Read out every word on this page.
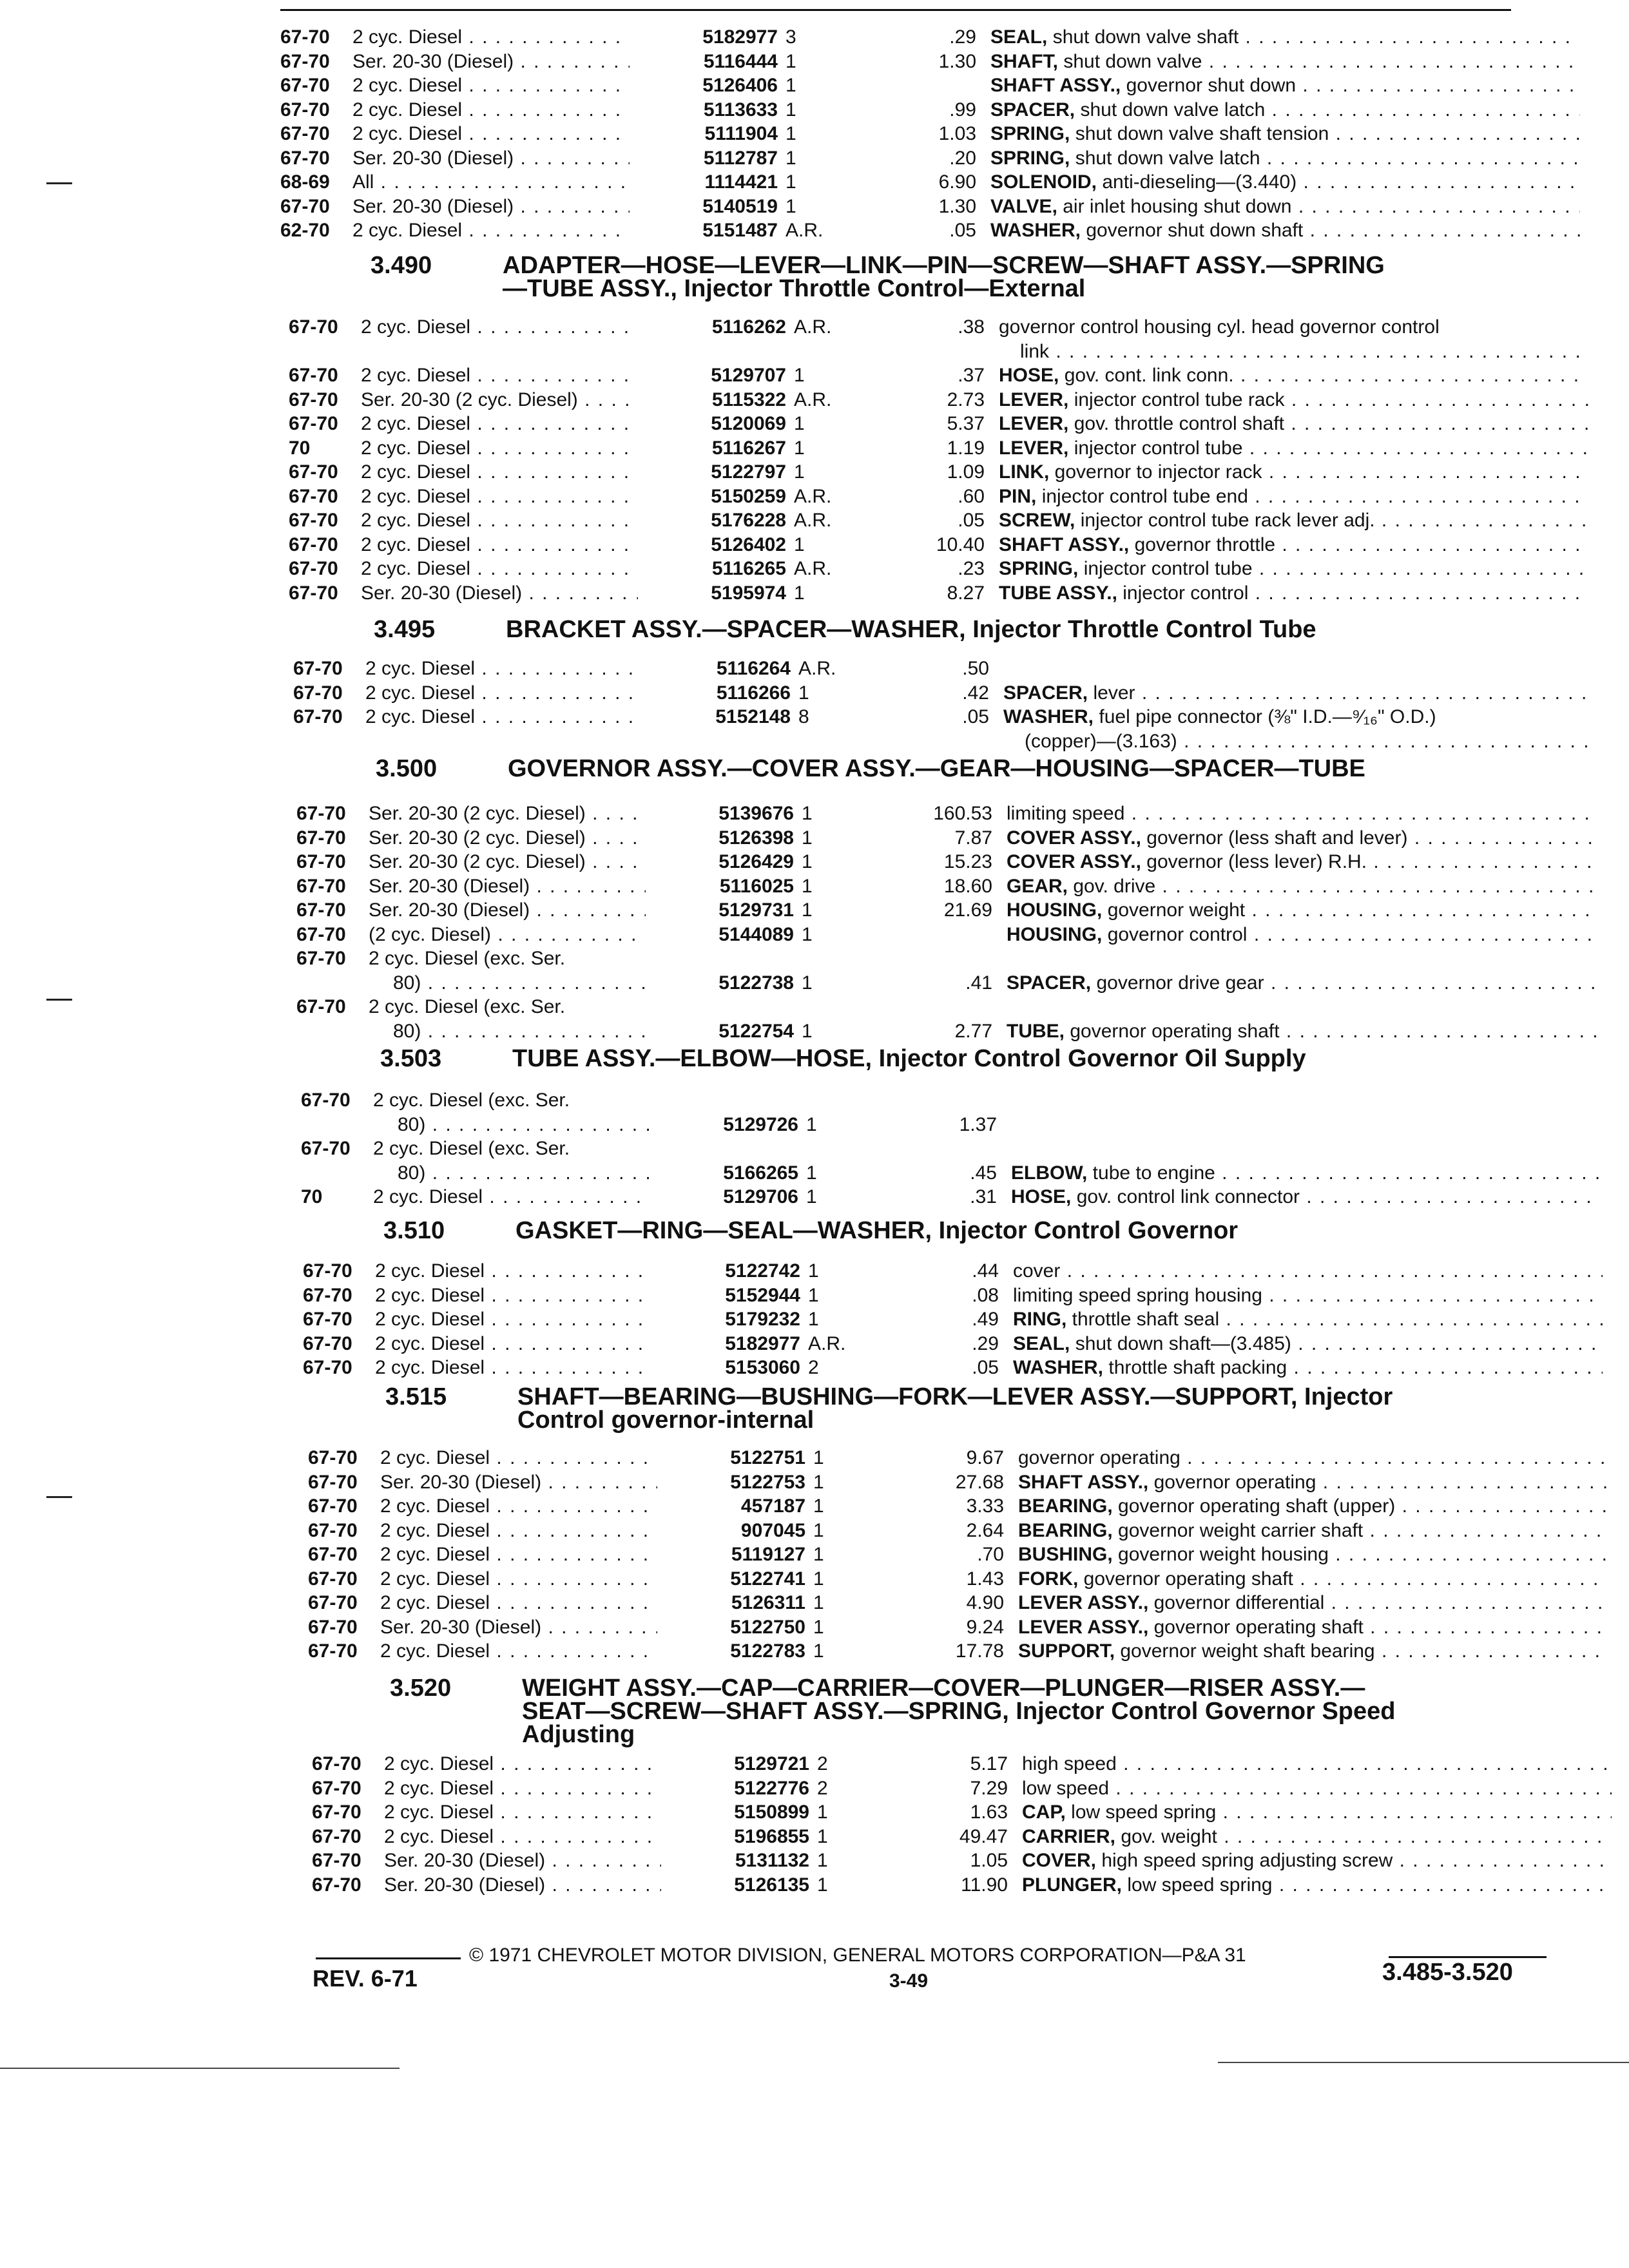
67-70 2 cyc. Diesel . . .	5182977 3	.29 SEAL, shut down valve shaft . . .
67-70 Ser. 20-30 (Diesel) . . .	5116444 1	1.30 SHAFT, shut down valve . . .
67-70 2 cyc. Diesel . . .	5126406 1	SHAFT ASSY., governor shut down . . .
67-70 2 cyc. Diesel . . .	5113633 1	.99 SPACER, shut down valve latch . . .
67-70 2 cyc. Diesel . . .	5111904 1	1.03 SPRING, shut down valve shaft tension . . .
67-70 Ser. 20-30 (Diesel) . . .	5112787 1	.20 SPRING, shut down valve latch . . .
68-69 All . . .	1114421 1	6.90 SOLENOID, anti-dieseling—(3.440) . . .
67-70 Ser. 20-30 (Diesel) . . .	5140519 1	1.30 VALVE, air inlet housing shut down . . .
62-70 2 cyc. Diesel . . .	5151487 A.R.	.05 WASHER, governor shut down shaft . . .
3.490	ADAPTER—HOSE—LEVER—LINK—PIN—SCREW—SHAFT ASSY.—SPRING
—TUBE ASSY., Injector Throttle Control—External
67-70 2 cyc. Diesel . . .	5116262 A.R.	.38 governor control housing cyl. head governor control
link . . .
67-70 2 cyc. Diesel . . .	5129707 1	.37 HOSE, gov. cont. link conn. . . .
67-70 Ser. 20-30 (2 cyc. Diesel) . . .	5115322 A.R.	2.73 LEVER, injector control tube rack . . .
67-70 2 cyc. Diesel . . .	5120069 1	5.37 LEVER, gov. throttle control shaft . . .
70	2 cyc. Diesel . . .	5116267 1	1.19 LEVER, injector control tube . . .
67-70 2 cyc. Diesel . . .	5122797 1	1.09 LINK, governor to injector rack . . .
67-70 2 cyc. Diesel . . .	5150259 A.R.	.60 PIN, injector control tube end . . .
67-70 2 cyc. Diesel . . .	5176228 A.R.	.05 SCREW, injector control tube rack lever adj. . . .
67-70 2 cyc. Diesel . . .	5126402 1	10.40 SHAFT ASSY., governor throttle . . .
67-70 2 cyc. Diesel . . .	5116265 A.R.	.23 SPRING, injector control tube . . .
67-70 Ser. 20-30 (Diesel) . . .	5195974 1	8.27 TUBE ASSY., injector control . . .
3.495	BRACKET ASSY.—SPACER—WASHER, Injector Throttle Control Tube
67-70 2 cyc. Diesel . . .	5116264 A.R.	.50
67-70 2 cyc. Diesel . . .	5116266 1	.42 SPACER, lever . . .
67-70 2 cyc. Diesel . . .	5152148 8	.05 WASHER, fuel pipe connector (⅜" I.D.—⁹⁄₁₆" O.D.)
(copper)—(3.163) . . .
3.500	GOVERNOR ASSY.—COVER ASSY.—GEAR—HOUSING—SPACER—TUBE
67-70 Ser. 20-30 (2 cyc. Diesel) . . .	5139676 1	160.53 limiting speed . . .
67-70 Ser. 20-30 (2 cyc. Diesel) . . .	5126398 1	7.87 COVER ASSY., governor (less shaft and lever) . . .
67-70 Ser. 20-30 (2 cyc. Diesel) . . .	5126429 1	15.23 COVER ASSY., governor (less lever) R.H. . . .
67-70 Ser. 20-30 (Diesel) . . .	5116025 1	18.60 GEAR, gov. drive . . .
67-70 Ser. 20-30 (Diesel) . . .	5129731 1	21.69 HOUSING, governor weight . . .
67-70 (2 cyc. Diesel) . . .	5144089 1	HOUSING, governor control . . .
67-70 2 cyc. Diesel (exc. Ser.
80) . . .	5122738 1	.41 SPACER, governor drive gear . . .
67-70 2 cyc. Diesel (exc. Ser.
80) . . .	5122754 1	2.77 TUBE, governor operating shaft . . .
3.503	TUBE ASSY.—ELBOW—HOSE, Injector Control Governor Oil Supply
67-70 2 cyc. Diesel (exc. Ser.
80) . . .	5129726 1	1.37
67-70 2 cyc. Diesel (exc. Ser.
80) . . .	5166265 1	.45 ELBOW, tube to engine . . .
70	2 cyc. Diesel . . .	5129706 1	.31 HOSE, gov. control link connector . . .
3.510	GASKET—RING—SEAL—WASHER, Injector Control Governor
67-70 2 cyc. Diesel . . .	5122742 1	.44 cover . . .
67-70 2 cyc. Diesel . . .	5152944 1	.08 limiting speed spring housing . . .
67-70 2 cyc. Diesel . . .	5179232 1	.49 RING, throttle shaft seal . . .
67-70 2 cyc. Diesel . . .	5182977 A.R.	.29 SEAL, shut down shaft—(3.485) . . .
67-70 2 cyc. Diesel . . .	5153060 2	.05 WASHER, throttle shaft packing . . .
3.515	SHAFT—BEARING—BUSHING—FORK—LEVER ASSY.—SUPPORT, Injector
Control governor-internal
67-70 2 cyc. Diesel . . .	5122751 1	9.67 governor operating . . .
67-70 Ser. 20-30 (Diesel) . . .	5122753 1	27.68 SHAFT ASSY., governor operating . . .
67-70 2 cyc. Diesel . . .	457187 1	3.33 BEARING, governor operating shaft (upper) . . .
67-70 2 cyc. Diesel . . .	907045 1	2.64 BEARING, governor weight carrier shaft . . .
67-70 2 cyc. Diesel . . .	5119127 1	.70 BUSHING, governor weight housing . . .
67-70 2 cyc. Diesel . . .	5122741 1	1.43 FORK, governor operating shaft . . .
67-70 2 cyc. Diesel . . .	5126311 1	4.90 LEVER ASSY., governor differential . . .
67-70 Ser. 20-30 (Diesel) . . .	5122750 1	9.24 LEVER ASSY., governor operating shaft . . .
67-70 2 cyc. Diesel . . .	5122783 1	17.78 SUPPORT, governor weight shaft bearing . . .
3.520	WEIGHT ASSY.—CAP—CARRIER—COVER—PLUNGER—RISER ASSY.—
SEAT—SCREW—SHAFT ASSY.—SPRING, Injector Control Governor Speed
Adjusting
67-70 2 cyc. Diesel . . .	5129721 2	5.17 high speed . . .
67-70 2 cyc. Diesel . . .	5122776 2	7.29 low speed . . .
67-70 2 cyc. Diesel . . .	5150899 1	1.63 CAP, low speed spring . . .
67-70 2 cyc. Diesel . . .	5196855 1	49.47 CARRIER, gov. weight . . .
67-70 Ser. 20-30 (Diesel) . . .	5131132 1	1.05 COVER, high speed spring adjusting screw . . .
67-70 Ser. 20-30 (Diesel) . . .	5126135 1	11.90 PLUNGER, low speed spring . . .
© 1971 CHEVROLET MOTOR DIVISION, GENERAL MOTORS CORPORATION—P&A 31
REV. 6-71	3-49	3.485-3.520
